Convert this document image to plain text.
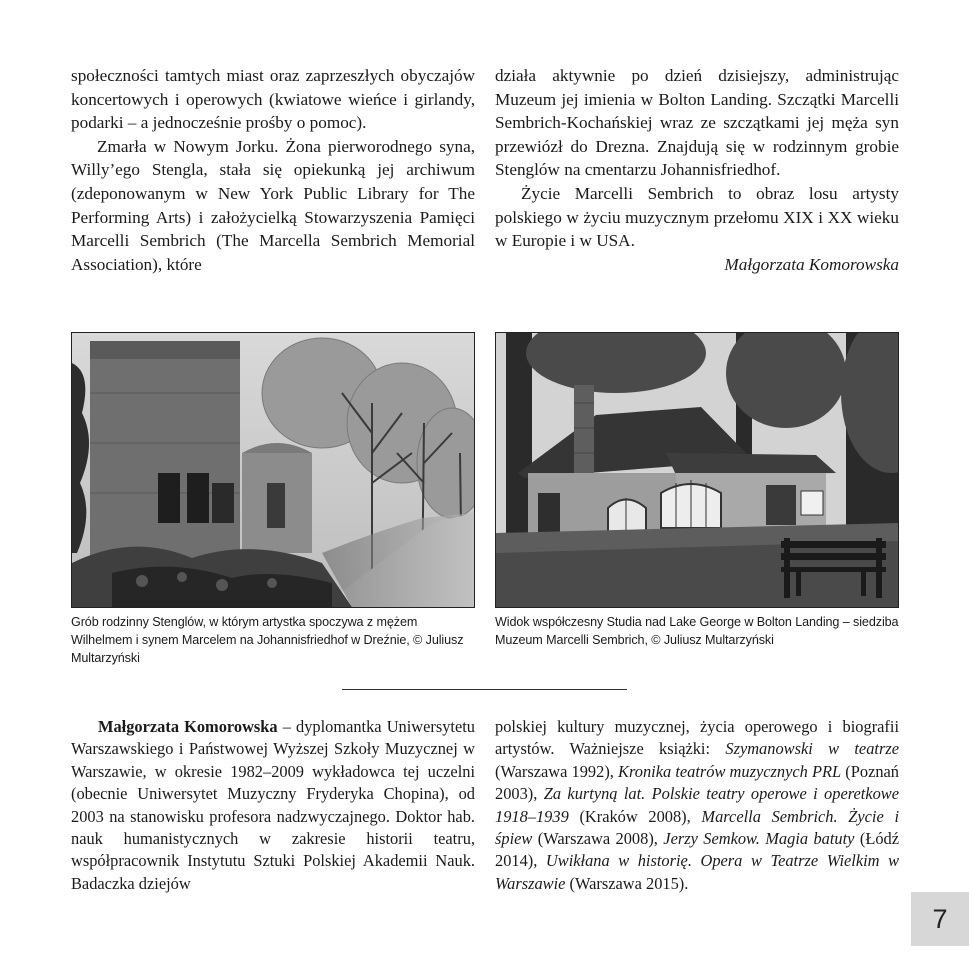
społeczności tamtych miast oraz zaprzeszłych obyczajów koncertowych i operowych (kwiatowe wieńce i girlandy, podarki – a jednocześnie prośby o pomoc).

Zmarła w Nowym Jorku. Żona pierworodnego syna, Willy’ego Stengla, stała się opiekunką jej archiwum (zdeponowanym w New York Public Library for The Performing Arts) i założycielką Stowarzyszenia Pamięci Marcelli Sembrich (The Marcella Sembrich Memorial Association), które

działa aktywnie po dzień dzisiejszy, administrując Muzeum jej imienia w Bolton Landing. Szczątki Marcelli Sembrich-Kochańskiej wraz ze szczątkami jej męża syn przewiózł do Drezna. Znajdują się w rodzinnym grobie Stenglów na cmentarzu Johannisfriedhof.

Życie Marcelli Sembrich to obraz losu artysty polskiego w życiu muzycznym przełomu XIX i XX wieku w Europie i w USA.

Małgorzata Komorowska

Grób rodzinny Stenglów, w którym artystka spoczywa z mężem Wilhelmem i synem Marcelem na Johannisfriedhof w Dreźnie, © Juliusz Multarzyński
Widok współczesny Studia nad Lake George w Bolton Landing – siedziba Muzeum Marcelli Sembrich, © Juliusz Multarzyński

Małgorzata Komorowska – dyplomantka Uniwersytetu Warszawskiego i Państwowej Wyższej Szkoły Muzycznej w Warszawie, w okresie 1982–2009 wykładowca tej uczelni (obecnie Uniwersytet Muzyczny Fryderyka Chopina), od 2003 na stanowisku profesora nadzwyczajnego. Doktor hab. nauk humanistycznych w zakresie historii teatru, współpracownik Instytutu Sztuki Polskiej Akademii Nauk. Badaczka dziejów

polskiej kultury muzycznej, życia operowego i biografii artystów. Ważniejsze książki: Szymanowski w teatrze (Warszawa 1992), Kronika teatrów muzycznych PRL (Poznań 2003), Za kurtyną lat. Polskie teatry operowe i operetkowe 1918–1939 (Kraków 2008), Marcella Sembrich. Życie i śpiew (Warszawa 2008), Jerzy Semkow. Magia batuty (Łódź 2014), Uwikłana w historię. Opera w Teatrze Wielkim w Warszawie (Warszawa 2015).

7
